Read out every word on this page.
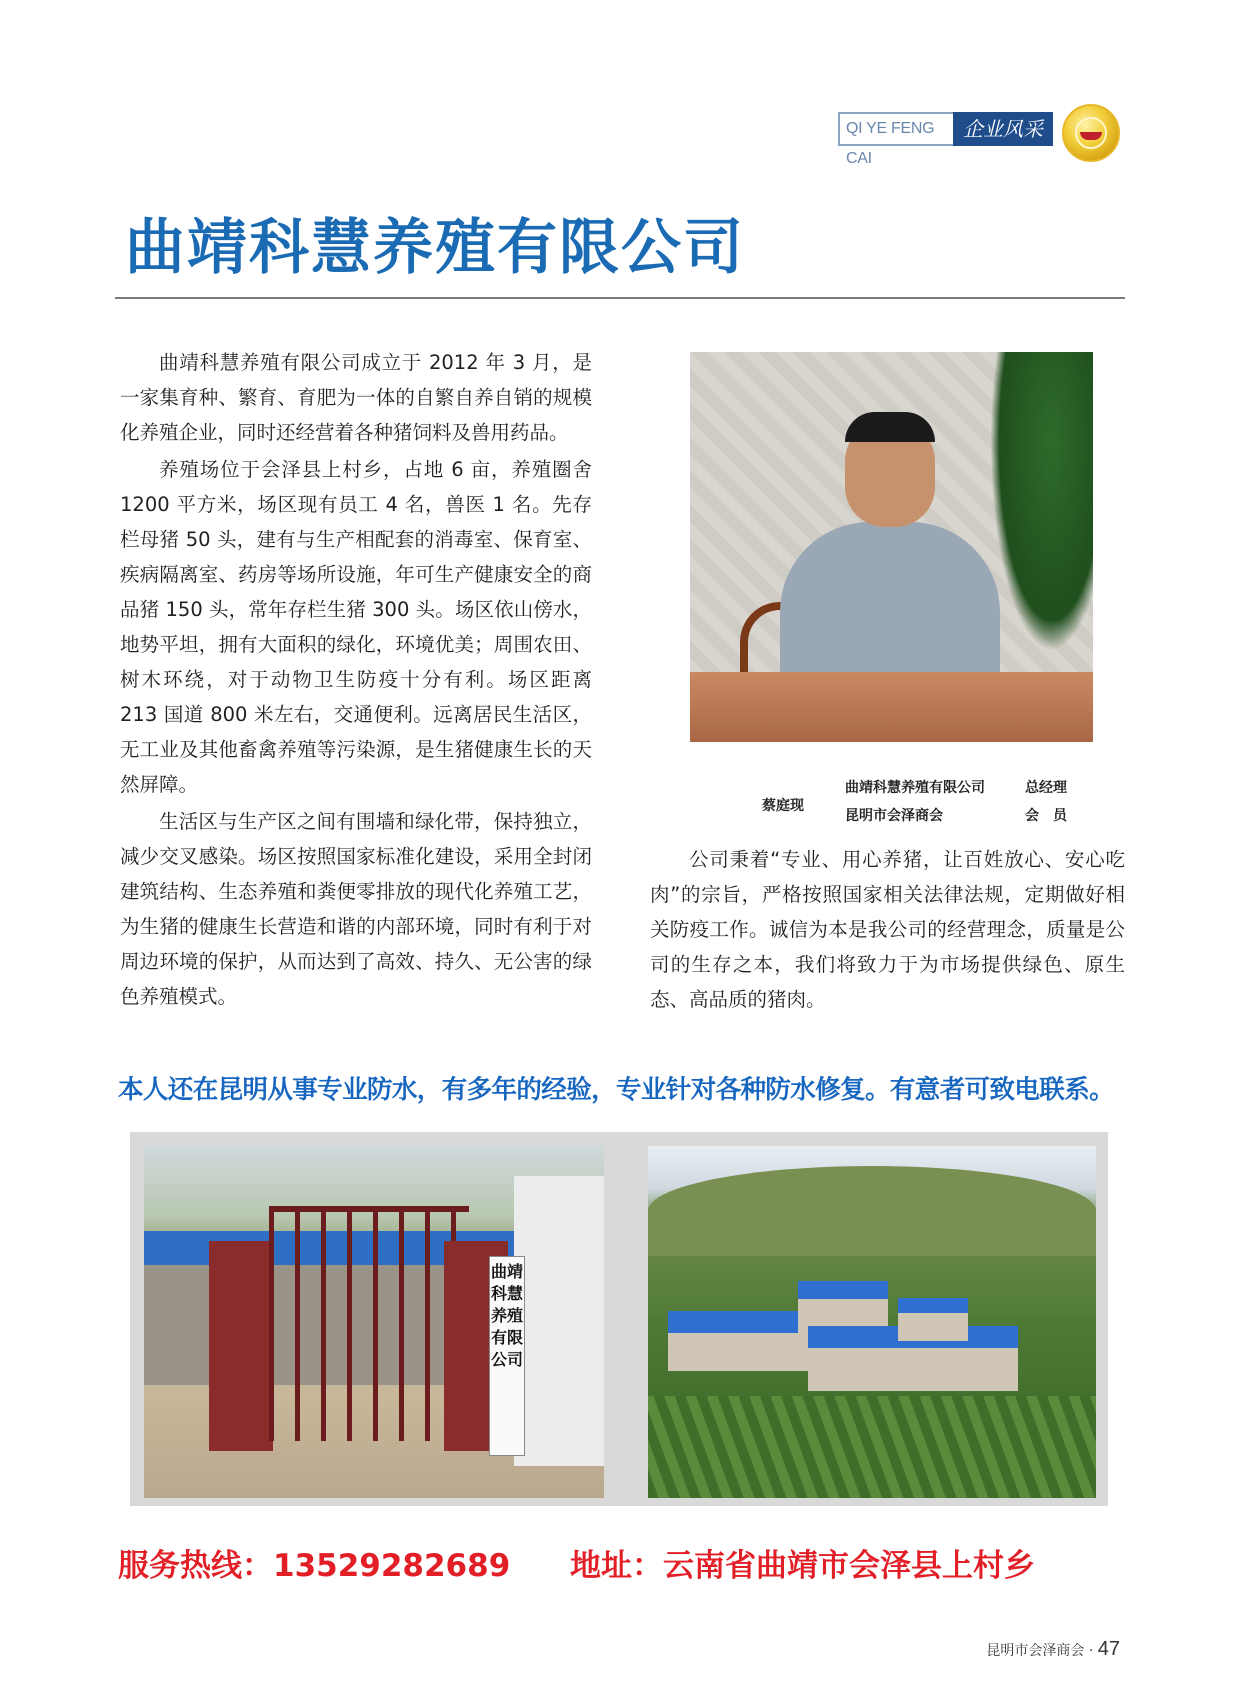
QI YE FENG CAI
企业风采
曲靖科慧养殖有限公司

曲靖科慧养殖有限公司成立于 2012 年 3 月，是一家集育种、繁育、育肥为一体的自繁自养自销的规模化养殖企业，同时还经营着各种猪饲料及兽用药品。

养殖场位于会泽县上村乡，占地 6 亩，养殖圈舍 1200 平方米，场区现有员工 4 名，兽医 1 名。先存栏母猪 50 头，建有与生产相配套的消毒室、保育室、疾病隔离室、药房等场所设施，年可生产健康安全的商品猪 150 头，常年存栏生猪 300 头。场区依山傍水，地势平坦，拥有大面积的绿化，环境优美；周围农田、树木环绕，对于动物卫生防疫十分有利。场区距离 213 国道 800 米左右，交通便利。远离居民生活区，无工业及其他畜禽养殖等污染源，是生猪健康生长的天然屏障。

生活区与生产区之间有围墙和绿化带，保持独立，减少交叉感染。场区按照国家标准化建设，采用全封闭建筑结构、生态养殖和粪便零排放的现代化养殖工艺，为生猪的健康生长营造和谐的内部环境，同时有利于对周边环境的保护，从而达到了高效、持久、无公害的绿色养殖模式。

蔡庭现
曲靖科慧养殖有限公司	总经理
昆明市会泽商会	会　员

公司秉着“专业、用心养猪，让百姓放心、安心吃肉”的宗旨，严格按照国家相关法律法规，定期做好相关防疫工作。诚信为本是我公司的经营理念，质量是公司的生存之本，我们将致力于为市场提供绿色、原生态、高品质的猪肉。

本人还在昆明从事专业防水，有多年的经验，专业针对各种防水修复。有意者可致电联系。
曲靖科慧养殖有限公司
服务热线：13529282689 地址：云南省曲靖市会泽县上村乡
昆明市会泽商会 · 47
